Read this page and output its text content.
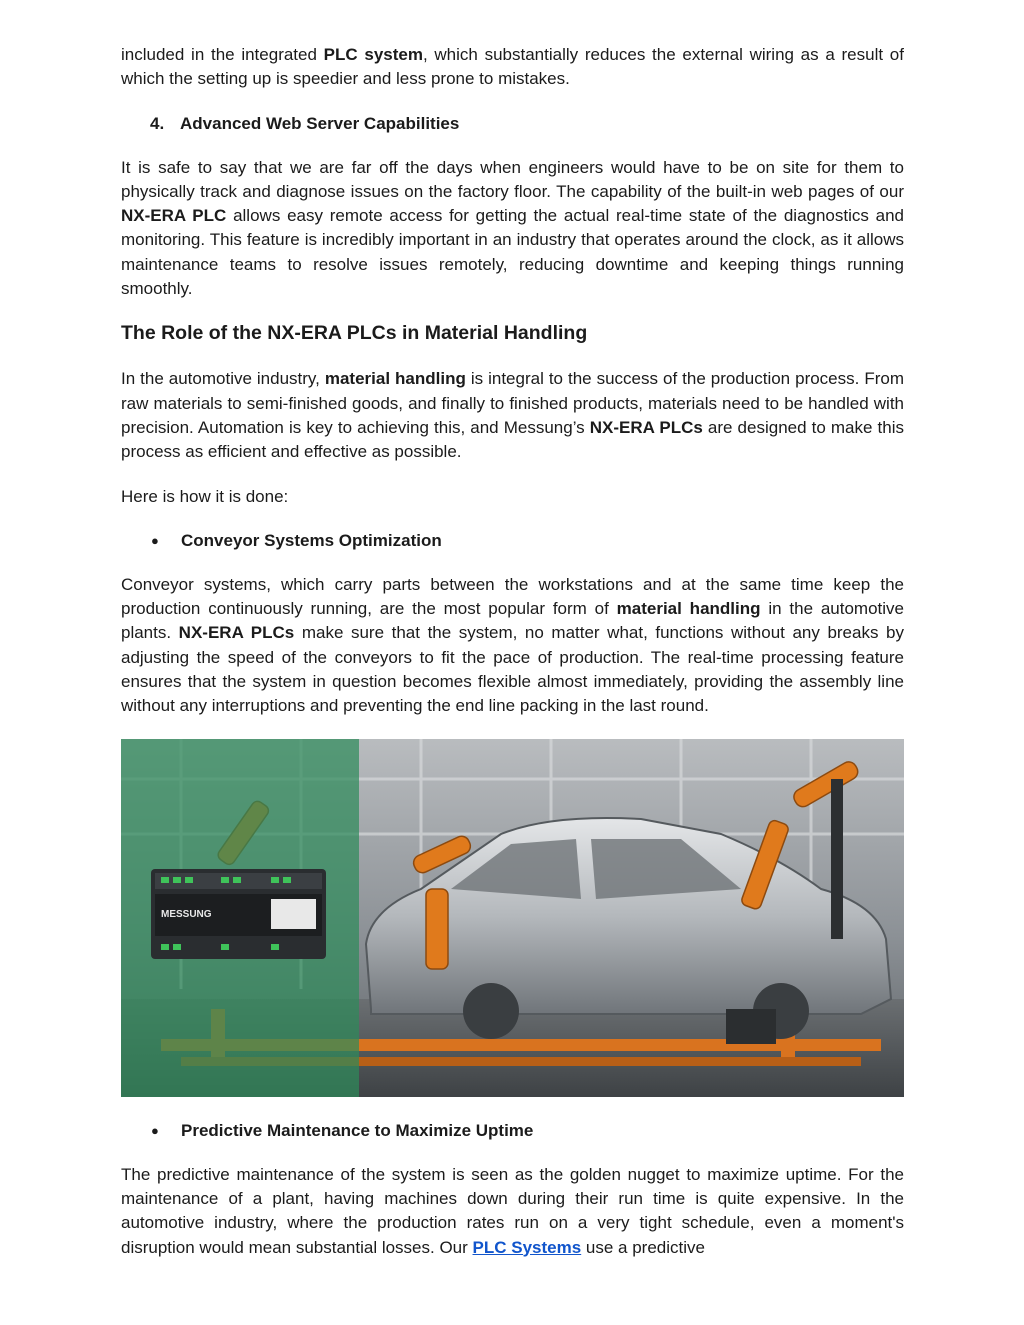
included in the integrated PLC system, which substantially reduces the external wiring as a result of which the setting up is speedier and less prone to mistakes.

4. Advanced Web Server Capabilities

It is safe to say that we are far off the days when engineers would have to be on site for them to physically track and diagnose issues on the factory floor. The capability of the built-in web pages of our NX-ERA PLC allows easy remote access for getting the actual real-time state of the diagnostics and monitoring. This feature is incredibly important in an industry that operates around the clock, as it allows maintenance teams to resolve issues remotely, reducing downtime and keeping things running smoothly.

The Role of the NX-ERA PLCs in Material Handling

In the automotive industry, material handling is integral to the success of the production process. From raw materials to semi-finished goods, and finally to finished products, materials need to be handled with precision. Automation is key to achieving this, and Messung’s NX-ERA PLCs are designed to make this process as efficient and effective as possible.

Here is how it is done:

●	Conveyor Systems Optimization

Conveyor systems, which carry parts between the workstations and at the same time keep the production continuously running, are the most popular form of material handling in the automotive plants. NX-ERA PLCs make sure that the system, no matter what, functions without any breaks by adjusting the speed of the conveyors to fit the pace of production. The real-time processing feature ensures that the system in question becomes flexible almost immediately, providing the assembly line without any interruptions and preventing the end line packing in the last round.

MESSUNG
●	Predictive Maintenance to Maximize Uptime

The predictive maintenance of the system is seen as the golden nugget to maximize uptime. For the maintenance of a plant, having machines down during their run time is quite expensive. In the automotive industry, where the production rates run on a very tight schedule, even a moment's disruption would mean substantial losses. Our PLC Systems use a predictive
